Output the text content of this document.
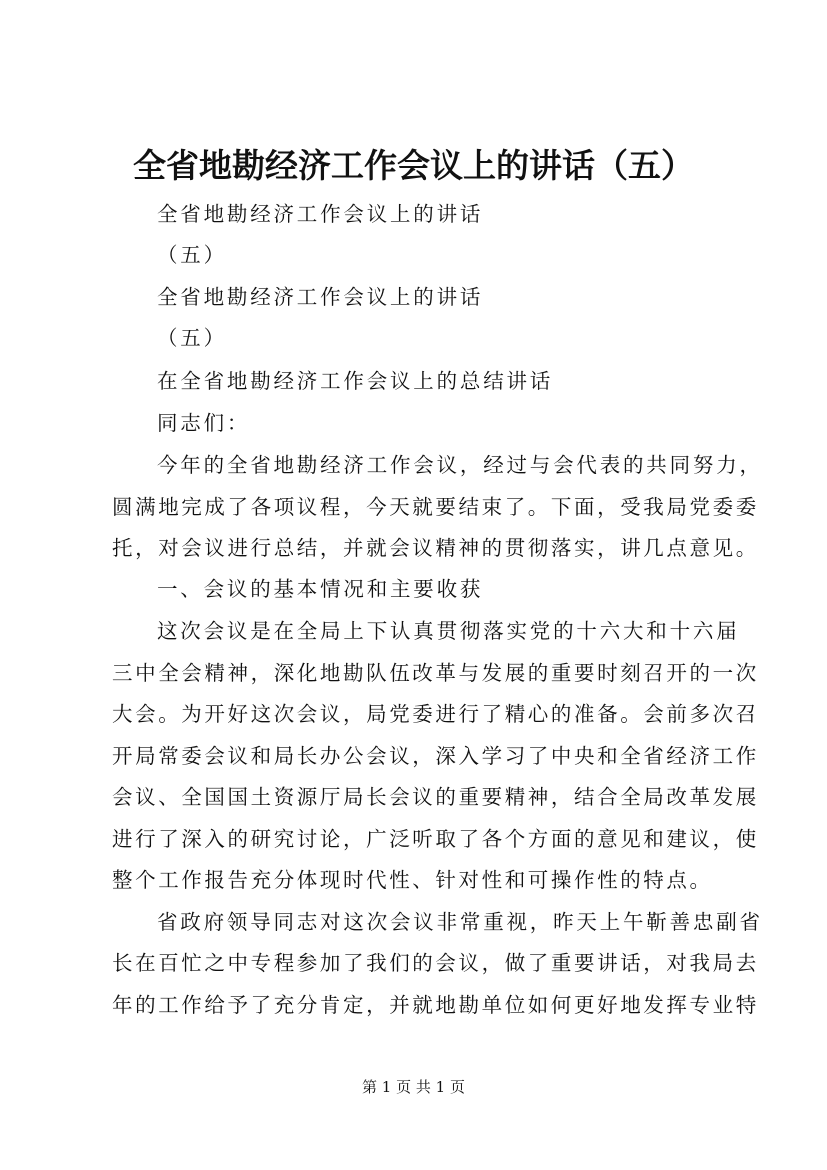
全省地勘经济工作会议上的讲话（五）
全省地勘经济工作会议上的讲话
（五）
全省地勘经济工作会议上的讲话
（五）
在全省地勘经济工作会议上的总结讲话
同志们：
今年的全省地勘经济工作会议，经过与会代表的共同努力，
圆满地完成了各项议程，今天就要结束了。下面，受我局党委委
托，对会议进行总结，并就会议精神的贯彻落实，讲几点意见。
一、会议的基本情况和主要收获
这次会议是在全局上下认真贯彻落实党的十六大和十六届
三中全会精神，深化地勘队伍改革与发展的重要时刻召开的一次
大会。为开好这次会议，局党委进行了精心的准备。会前多次召
开局常委会议和局长办公会议，深入学习了中央和全省经济工作
会议、全国国土资源厅局长会议的重要精神，结合全局改革发展
进行了深入的研究讨论，广泛听取了各个方面的意见和建议，使
整个工作报告充分体现时代性、针对性和可操作性的特点。
省政府领导同志对这次会议非常重视，昨天上午靳善忠副省
长在百忙之中专程参加了我们的会议，做了重要讲话，对我局去
年的工作给予了充分肯定，并就地勘单位如何更好地发挥专业特
第 1 页 共 1 页
